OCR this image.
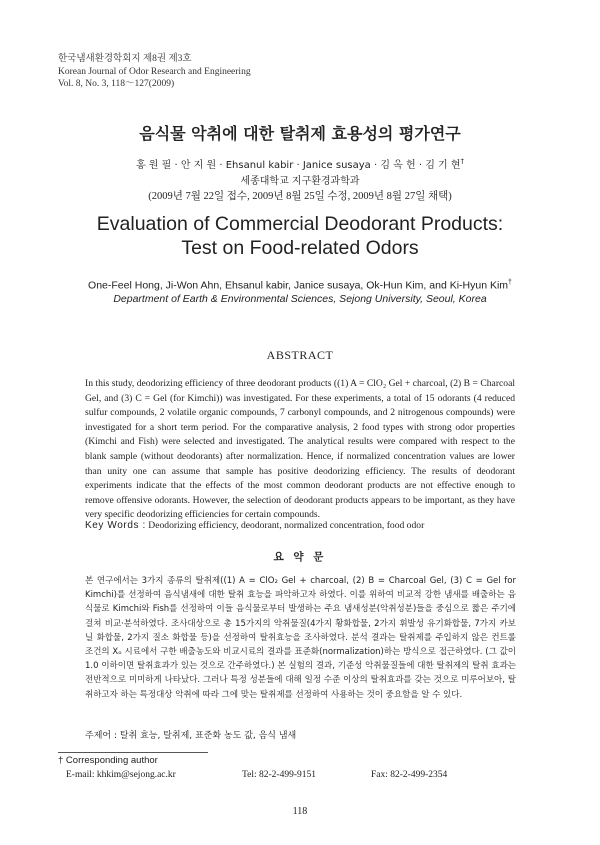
한국냄새환경학회지 제8권 제3호
Korean Journal of Odor Research and Engineering
Vol. 8, No. 3, 118～127(2009)
음식물 악취에 대한 탈취제 효용성의 평가연구
홍 원 필 · 안 지 원 · Ehsanul kabir · Janice susaya · 김 옥 헌 · 김 기 현†
세종대학교 지구환경과학과
(2009년 7월 22일 접수, 2009년 8월 25일 수정, 2009년 8월 27일 채택)
Evaluation of Commercial Deodorant Products:
Test on Food-related Odors
One-Feel Hong, Ji-Won Ahn, Ehsanul kabir, Janice susaya, Ok-Hun Kim, and Ki-Hyun Kim†
Department of Earth & Environmental Sciences, Sejong University, Seoul, Korea
ABSTRACT
In this study, deodorizing efficiency of three deodorant products ((1) A = ClO₂ Gel + charcoal, (2) B = Charcoal Gel, and (3) C = Gel (for Kimchi)) was investigated. For these experiments, a total of 15 odorants (4 reduced sulfur compounds, 2 volatile organic compounds, 7 carbonyl compounds, and 2 nitrogenous compounds) were investigated for a short term period. For the comparative analysis, 2 food types with strong odor properties (Kimchi and Fish) were selected and investigated. The analytical results were compared with respect to the blank sample (without deodorants) after normalization. Hence, if normalized concentration values are lower than unity one can assume that sample has positive deodorizing efficiency. The results of deodorant experiments indicate that the effects of the most common deodorant products are not effective enough to remove offensive odorants. However, the selection of deodorant products appears to be important, as they have very specific deodorizing efficiencies for certain compounds.
Key Words : Deodorizing efficiency, deodorant, normalized concentration, food odor
요 약 문
본 연구에서는 3가지 종류의 탈취제((1) A = ClO₂ Gel + charcoal, (2) B = Charcoal Gel, (3) C = Gel for Kimchi)를 선정하여 음식냄새에 대한 탈취 효능을 파악하고자 하였다. 이를 위하여 비교적 강한 냄새를 배출하는 음식물로 Kimchi와 Fish를 선정하여 이들 음식물로부터 발생하는 주요 냄새성분(악취성분)들을 중심으로 짧은 주기에 걸쳐 비교·분석하였다. 조사대상으로 총 15가지의 악취물질(4가지 황화합물, 2가지 휘발성 유기화합물, 7가지 카보닐 화합물, 2가지 질소 화합물 등)을 선정하여 탈취효능을 조사하였다. 분석 결과는 탈취제를 주입하지 않은 컨트롤 조건의 Xₒ 시료에서 구한 배출농도와 비교시료의 결과를 표준화(normalization)하는 방식으로 접근하였다. (그 값이 1.0 이하이면 탈취효과가 있는 것으로 간주하였다.) 본 실험의 결과, 기준성 악취물질들에 대한 탈취제의 탈취 효과는 전반적으로 미미하게 나타났다. 그러나 특정 성분들에 대해 일정 수준 이상의 탈취효과를 갖는 것으로 미루어보아, 탈취하고자 하는 특정대상 악취에 따라 그에 맞는 탈취제를 선정하여 사용하는 것이 중요함을 알 수 있다.
주제어 : 탈취 효능, 탈취제, 표준화 농도 값, 음식 냄새
† Corresponding author
E-mail: khkim@sejong.ac.kr	Tel: 82-2-499-9151	Fax: 82-2-499-2354
118
